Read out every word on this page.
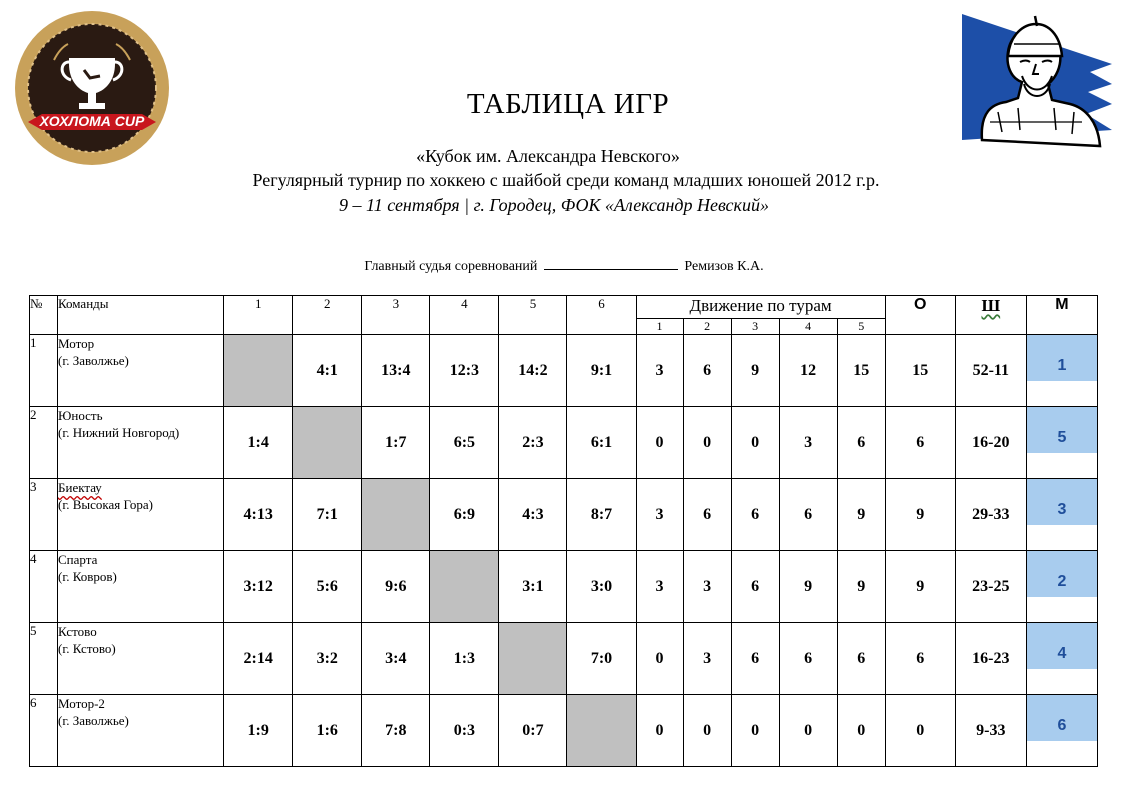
ХОХЛОМА CUP
ТАБЛИЦА ИГР
«Кубок им. Александра Невского»
Регулярный турнир по хоккею с шайбой среди команд младших юношей 2012 г.р.
9 – 11 сентября | г. Городец, ФОК «Александр Невский»
Главный судья соревнований	Ремизов К.А.
№	Команды	1	2	3	4	5	6	Движение по турам					О	Ш	М
								1	2	3	4	5			
1	Мотор
(г. Заволжье)		4:1	13:4	12:3	14:2	9:1	3	6	9	12	15	15	52-11	1

2	Юность
(г. Нижний Новгород)	1:4		1:7	6:5	2:3	6:1	0	0	0	3	6	6	16-20	5

3	Биектау
(г. Высокая Гора)	4:13	7:1		6:9	4:3	8:7	3	6	6	6	9	9	29-33	3

4	Спарта
(г. Ковров)	3:12	5:6	9:6		3:1	3:0	3	3	6	9	9	9	23-25	2

5	Кстово
(г. Кстово)	2:14	3:2	3:4	1:3		7:0	0	3	6	6	6	6	16-23	4

6	Мотор-2
(г. Заволжье)	1:9	1:6	7:8	0:3	0:7		0	0	0	0	0	0	9-33	6
